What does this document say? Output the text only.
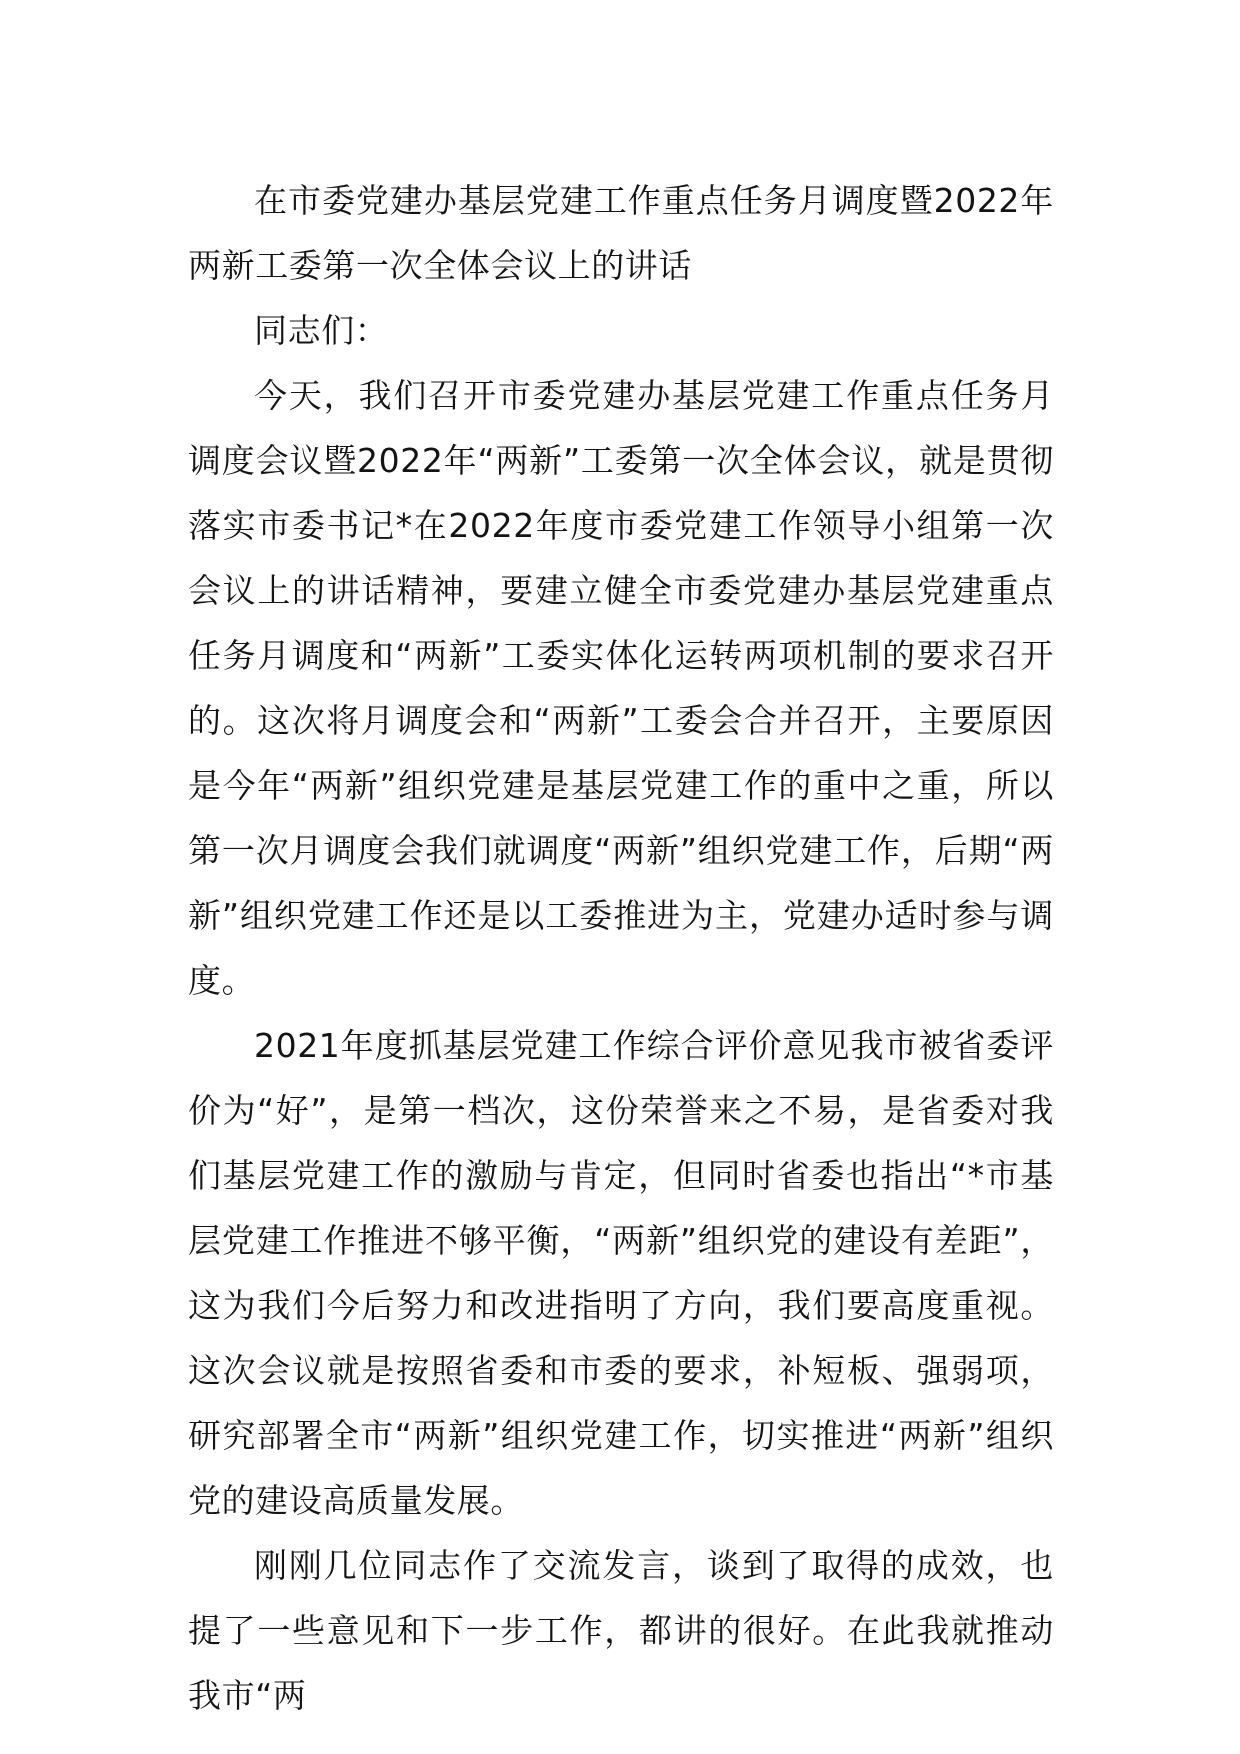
在市委党建办基层党建工作重点任务月调度暨2022年两新工委第一次全体会议上的讲话

同志们：

今天，我们召开市委党建办基层党建工作重点任务月调度会议暨2022年“两新”工委第一次全体会议，就是贯彻落实市委书记*在2022年度市委党建工作领导小组第一次会议上的讲话精神，要建立健全市委党建办基层党建重点任务月调度和“两新”工委实体化运转两项机制的要求召开的。这次将月调度会和“两新”工委会合并召开，主要原因是今年“两新”组织党建是基层党建工作的重中之重，所以第一次月调度会我们就调度“两新”组织党建工作，后期“两新”组织党建工作还是以工委推进为主，党建办适时参与调度。

2021年度抓基层党建工作综合评价意见我市被省委评价为“好”，是第一档次，这份荣誉来之不易，是省委对我们基层党建工作的激励与肯定，但同时省委也指出“*市基层党建工作推进不够平衡，“两新”组织党的建设有差距”，这为我们今后努力和改进指明了方向，我们要高度重视。这次会议就是按照省委和市委的要求，补短板、强弱项，研究部署全市“两新”组织党建工作，切实推进“两新”组织党的建设高质量发展。

刚刚几位同志作了交流发言，谈到了取得的成效，也提了一些意见和下一步工作，都讲的很好。在此我就推动我市“两
